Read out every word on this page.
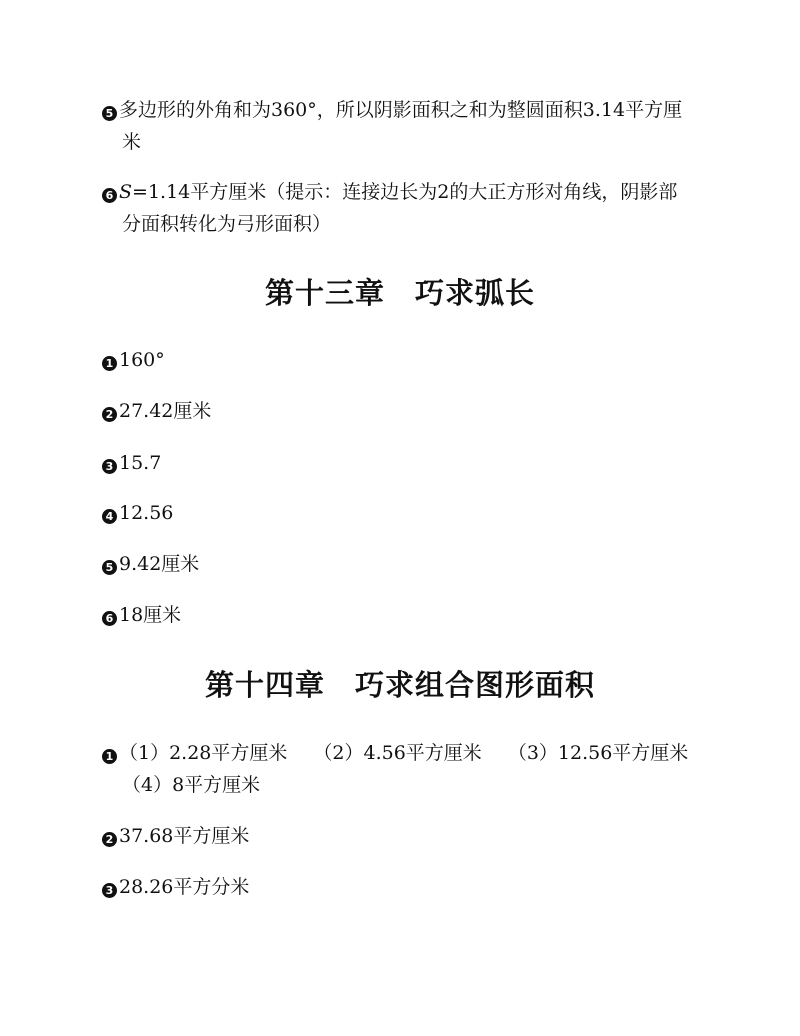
5 多边形的外角和为360°，所以阴影面积之和为整圆面积3.14平方厘
米
6 S=1.14平方厘米（提示：连接边长为2的大正方形对角线，阴影部
分面积转化为弓形面积）
第十三章 巧求弧长
1 160°
2 27.42厘米
3 15.7
4 12.56
5 9.42厘米
6 18厘米
第十四章 巧求组合图形面积
1 （1）2.28平方厘米 （2）4.56平方厘米 （3）12.56平方厘米
（4）8平方厘米
2 37.68平方厘米
3 28.26平方分米
